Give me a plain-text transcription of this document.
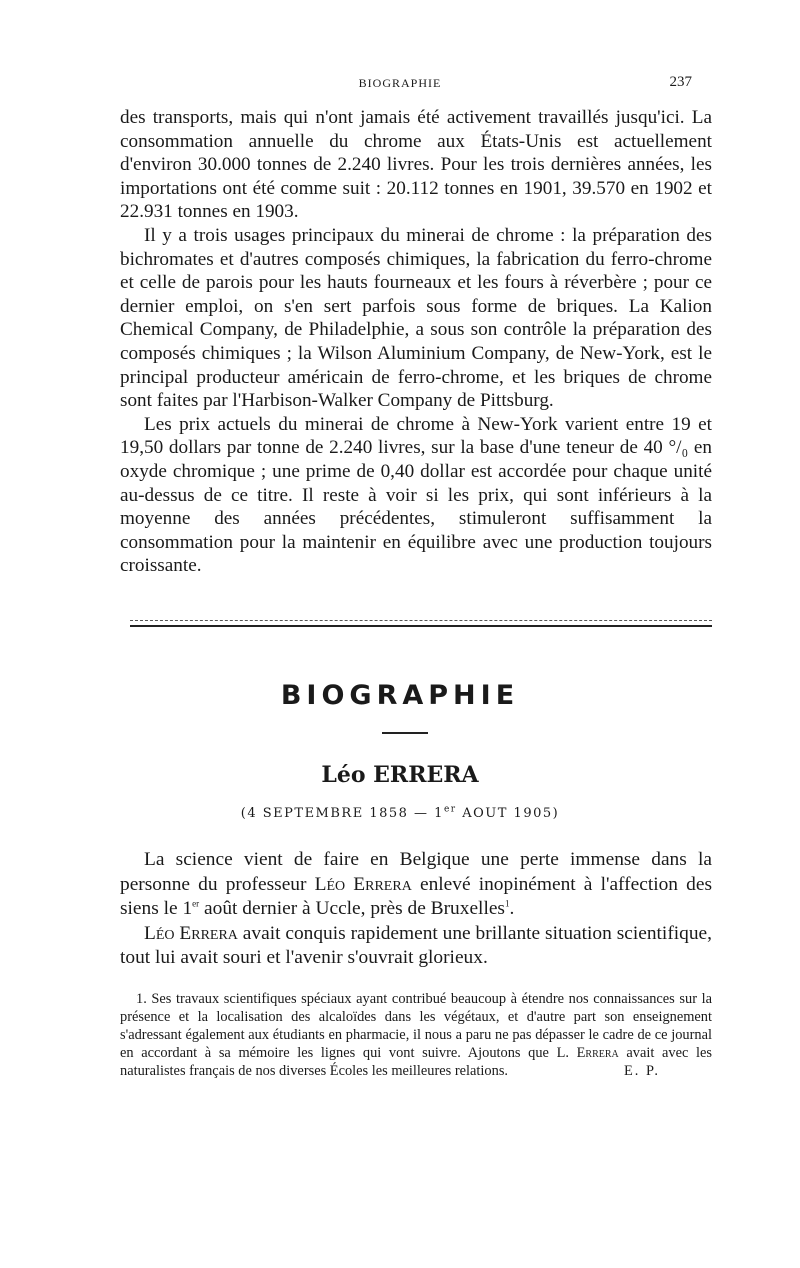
BIOGRAPHIE	237

des transports, mais qui n'ont jamais été activement travaillés jusqu'ici. La consommation annuelle du chrome aux États-Unis est actuellement d'environ 30.000 tonnes de 2.240 livres. Pour les trois dernières années, les importations ont été comme suit : 20.112 tonnes en 1901, 39.570 en 1902 et 22.931 tonnes en 1903.

Il y a trois usages principaux du minerai de chrome : la préparation des bichromates et d'autres composés chimiques, la fabrication du ferro-chrome et celle de parois pour les hauts fourneaux et les fours à réverbère ; pour ce dernier emploi, on s'en sert parfois sous forme de briques. La Kalion Chemical Company, de Philadelphie, a sous son contrôle la préparation des composés chimiques ; la Wilson Aluminium Company, de New-York, est le principal producteur américain de ferro-chrome, et les briques de chrome sont faites par l'Harbison-Walker Company de Pittsburg.

Les prix actuels du minerai de chrome à New-York varient entre 19 et 19,50 dollars par tonne de 2.240 livres, sur la base d'une teneur de 40 °/₀ en oxyde chromique ; une prime de 0,40 dollar est accordée pour chaque unité au-dessus de ce titre. Il reste à voir si les prix, qui sont inférieurs à la moyenne des années précédentes, stimuleront suffisamment la consommation pour la maintenir en équilibre avec une production toujours croissante.

BIOGRAPHIE
Léo ERRERA
(4 SEPTEMBRE 1858 — 1er AOUT 1905)

La science vient de faire en Belgique une perte immense dans la personne du professeur Léo Errera enlevé inopinément à l'affection des siens le 1er août dernier à Uccle, près de Bruxelles$^1$.

Léo Errera avait conquis rapidement une brillante situation scientifique, tout lui avait souri et l'avenir s'ouvrait glorieux.

1. Ses travaux scientifiques spéciaux ayant contribué beaucoup à étendre nos connaissances sur la présence et la localisation des alcaloïdes dans les végétaux, et d'autre part son enseignement s'adressant également aux étudiants en pharmacie, il nous a paru ne pas dépasser le cadre de ce journal en accordant à sa mémoire les lignes qui vont suivre. Ajoutons que L. Errera avait avec les naturalistes français de nos diverses Écoles les meilleures relations.	E. P.
